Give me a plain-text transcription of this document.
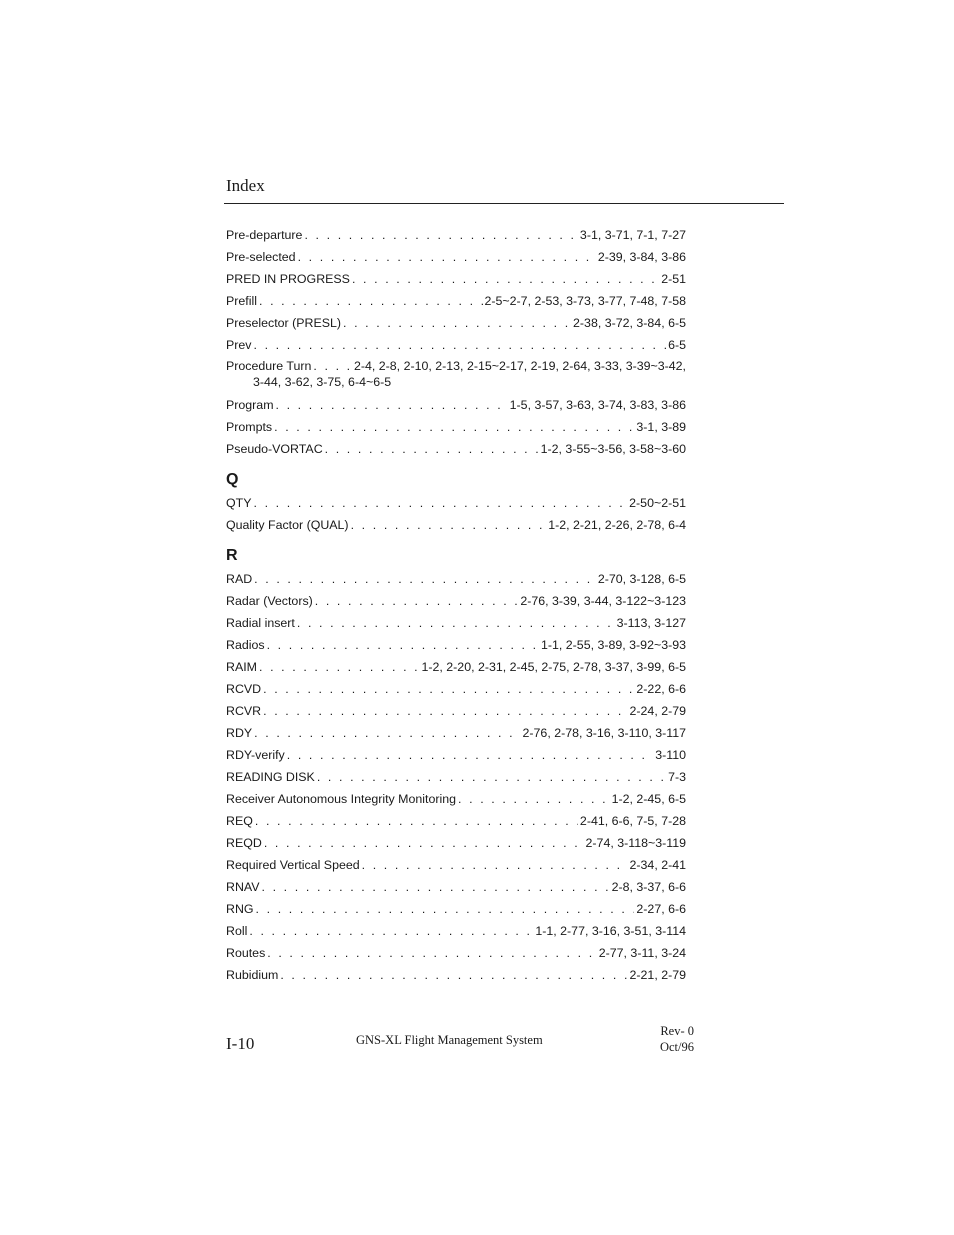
Index
Pre-departure . . .	3-1, 3-71, 7-1, 7-27
Pre-selected . . .	2-39, 3-84, 3-86
PRED IN PROGRESS . . .	2-51
Prefill . . .	2-5~2-7, 2-53, 3-73, 3-77, 7-48, 7-58
Preselector (PRESL) . . .	2-38, 3-72, 3-84, 6-5
Prev . . .	6-5
Procedure Turn . . .	2-4, 2-8, 2-10, 2-13, 2-15~2-17, 2-19, 2-64, 3-33, 3-39~3-42,
3-44, 3-62, 3-75, 6-4~6-5
Program . . .	1-5, 3-57, 3-63, 3-74, 3-83, 3-86
Prompts . . .	3-1, 3-89
Pseudo-VORTAC . . .	1-2, 3-55~3-56, 3-58~3-60
Q
QTY . . .	2-50~2-51
Quality Factor (QUAL) . . .	1-2, 2-21, 2-26, 2-78, 6-4
R
RAD . . .	2-70, 3-128, 6-5
Radar (Vectors) . . .	2-76, 3-39, 3-44, 3-122~3-123
Radial insert . . .	3-113, 3-127
Radios . . .	1-1, 2-55, 3-89, 3-92~3-93
RAIM . . .	1-2, 2-20, 2-31, 2-45, 2-75, 2-78, 3-37, 3-99, 6-5
RCVD . . .	2-22, 6-6
RCVR . . .	2-24, 2-79
RDY . . .	2-76, 2-78, 3-16, 3-110, 3-117
RDY-verify . . .	3-110
READING DISK . . .	7-3
Receiver Autonomous Integrity Monitoring . . .	1-2, 2-45, 6-5
REQ . . .	2-41, 6-6, 7-5, 7-28
REQD . . .	2-74, 3-118~3-119
Required Vertical Speed . . .	2-34, 2-41
RNAV . . .	2-8, 3-37, 6-6
RNG . . .	2-27, 6-6
Roll . . .	1-1, 2-77, 3-16, 3-51, 3-114
Routes . . .	2-77, 3-11, 3-24
Rubidium . . .	2-21, 2-79
I-10	GNS-XL Flight Management System
Rev- 0
Oct/96
